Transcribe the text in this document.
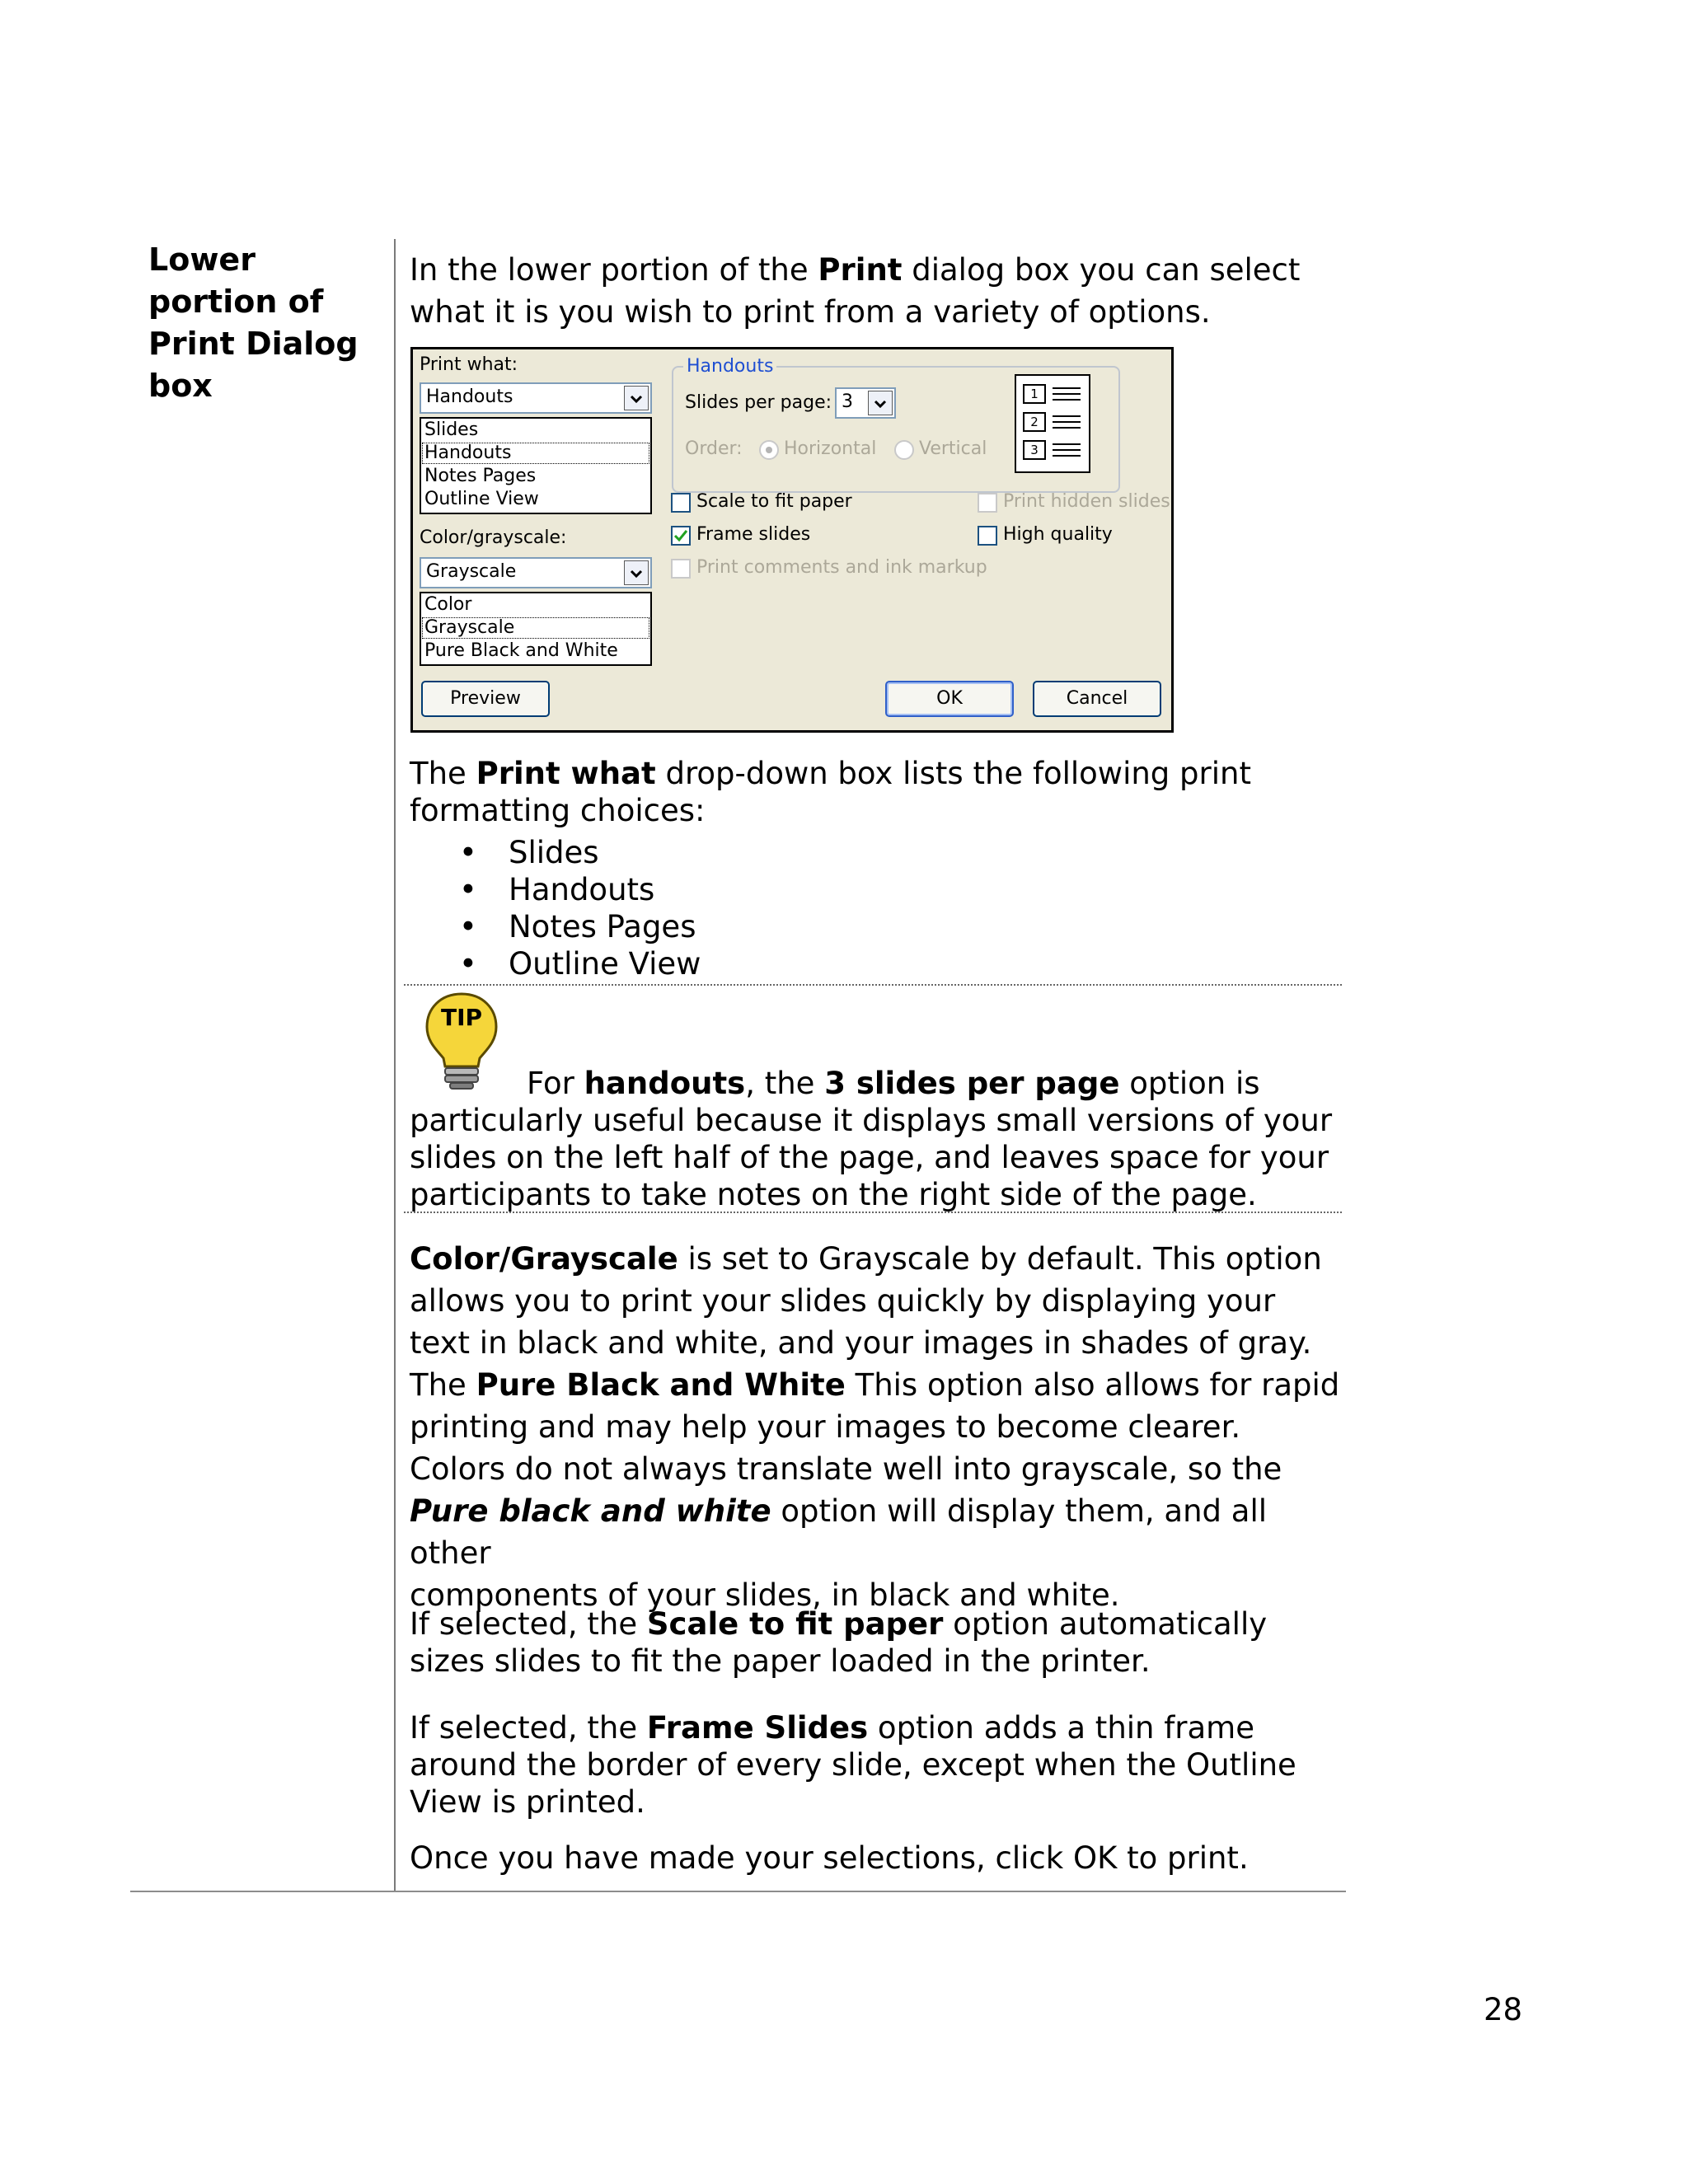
Lower
portion of
Print Dialog
box
In the lower portion of the Print dialog box you can select
what it is you wish to print from a variety of options.
Print what:
Handouts
Slides
Handouts
Notes Pages
Outline View
Color/grayscale:
Grayscale
Color
Grayscale
Pure Black and White
Handouts
Slides per page: 3
Order: Horizontal Vertical
1
2
3
Scale to fit paper
Frame slides
Print comments and ink markup
Print hidden slides
High quality
Preview	OK	Cancel
The Print what drop-down box lists the following print
formatting choices:
• Slides
• Handouts
• Notes Pages
• Outline View
TIP
For handouts, the 3 slides per page option is
particularly useful because it displays small versions of your
slides on the left half of the page, and leaves space for your
participants to take notes on the right side of the page.
Color/Grayscale is set to Grayscale by default. This option
allows you to print your slides quickly by displaying your
text in black and white, and your images in shades of gray.
The Pure Black and White This option also allows for rapid
printing and may help your images to become clearer.
Colors do not always translate well into grayscale, so the
Pure black and white option will display them, and all other
components of your slides, in black and white.
If selected, the Scale to fit paper option automatically
sizes slides to fit the paper loaded in the printer.
If selected, the Frame Slides option adds a thin frame
around the border of every slide, except when the Outline
View is printed.
Once you have made your selections, click OK to print.
28
